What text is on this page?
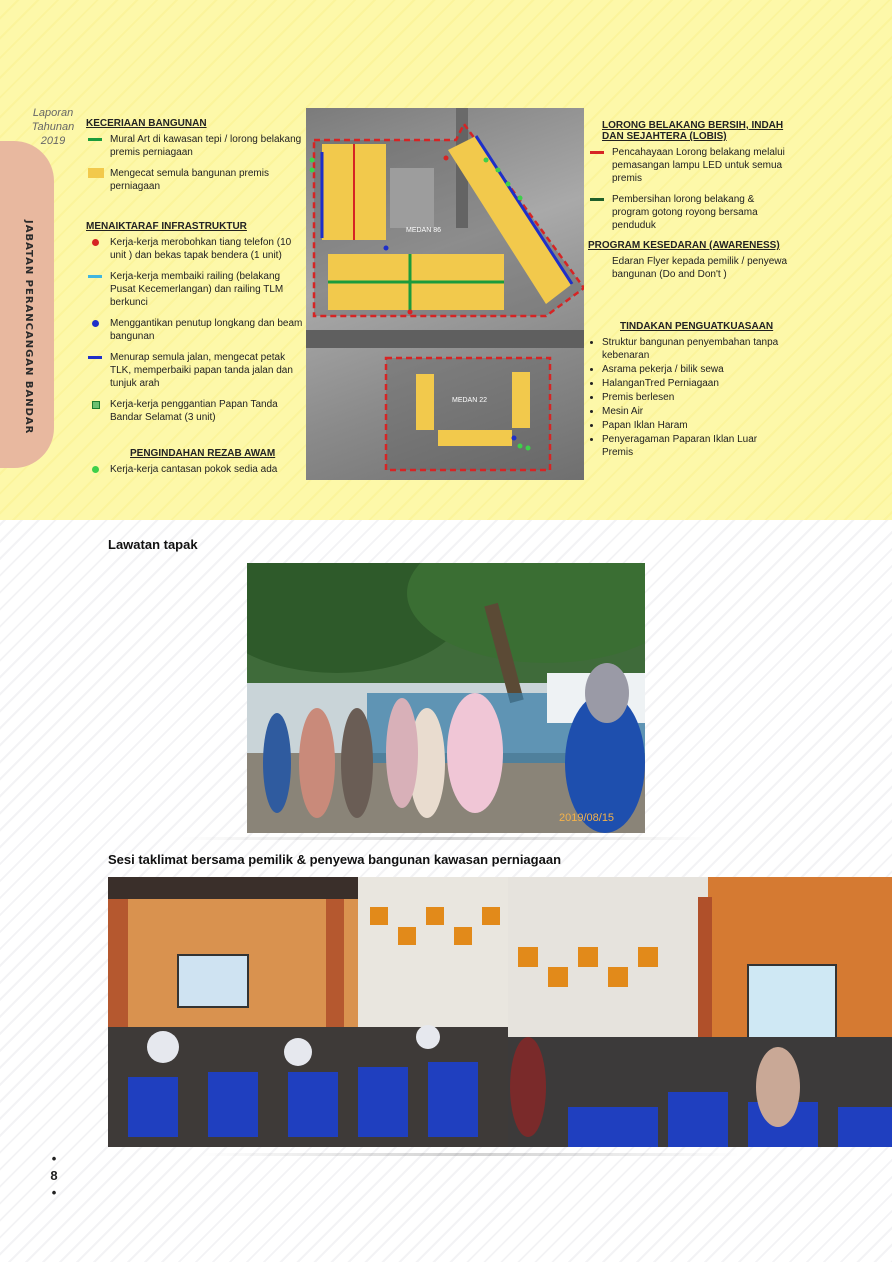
Laporan
Tahunan
2019
JABATAN PERANCANGAN BANDAR
KECERIAAN BANGUNAN
Mural Art di kawasan tepi / lorong belakang premis perniagaan
Mengecat semula bangunan premis perniagaan
MENAIKTARAF INFRASTRUKTUR
Kerja-kerja merobohkan tiang telefon (10 unit ) dan bekas tapak bendera (1 unit)
Kerja-kerja membaiki railing (belakang Pusat Kecemerlangan) dan railing TLM berkunci
Menggantikan penutup longkang dan beam bangunan
Menurap semula jalan, mengecat petak TLK, memperbaiki papan tanda jalan dan tunjuk arah
Kerja-kerja penggantian Papan Tanda Bandar Selamat (3 unit)
PENGINDAHAN REZAB AWAM
Kerja-kerja cantasan pokok sedia ada
MEDAN 86
MEDAN 22
LORONG BELAKANG BERSIH, INDAH DAN SEJAHTERA (LOBIS)
Pencahayaan Lorong belakang melalui pemasangan lampu LED untuk semua premis
Pembersihan lorong belakang & program gotong royong bersama penduduk
PROGRAM KESEDARAN (AWARENESS)
Edaran Flyer kepada pemilik / penyewa bangunan (Do and Don't )
TINDAKAN PENGUATKUASAAN
• Struktur bangunan penyembahan tanpa kebenaran
• Asrama pekerja / bilik sewa
• HalanganTred Perniagaan
• Premis berlesen
• Mesin Air
• Papan Iklan Haram
• Penyeragaman Paparan Iklan Luar Premis
Lawatan tapak
2019/08/15
Sesi taklimat bersama pemilik & penyewa bangunan kawasan perniagaan
•
8
•
